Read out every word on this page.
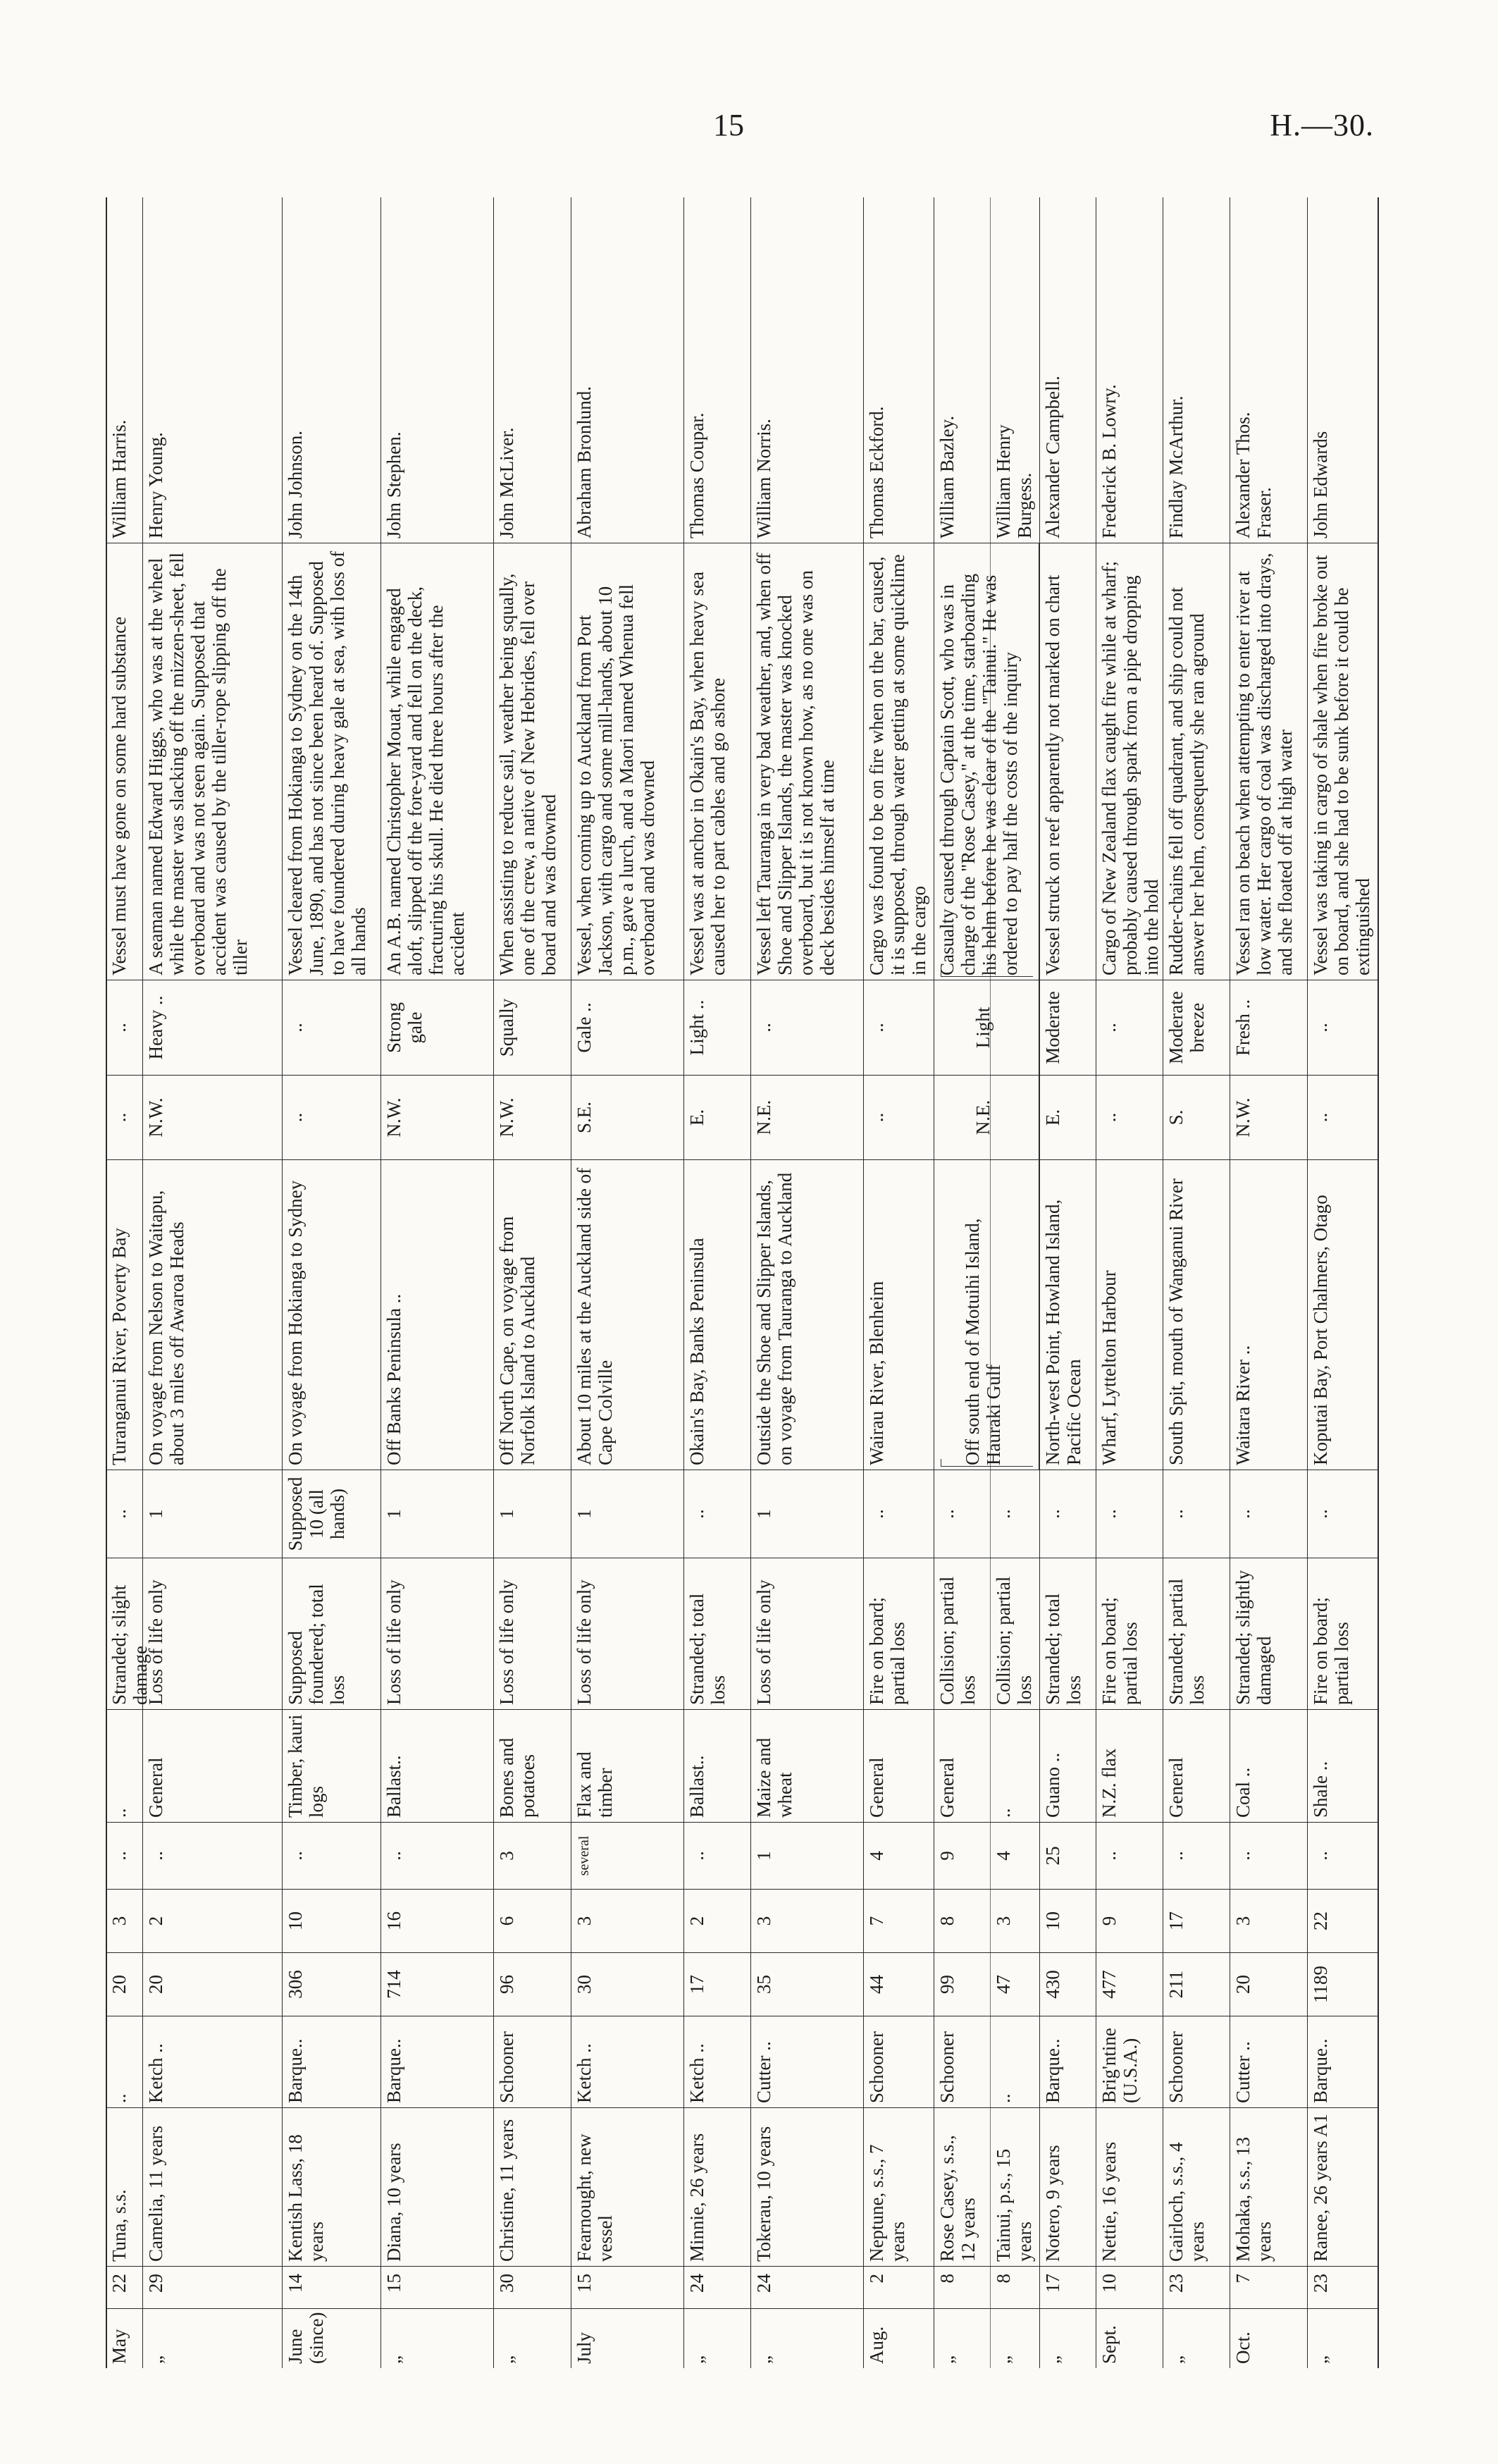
15	H.—30.
May
22
Tuna, s.s.
..
20
3
..
..
Stranded; slight damage
..
Turanganui River, Poverty Bay
..
..
Vessel must have gone on some hard substance
William Harris.
„
29
Camelia, 11 years
Ketch ..
20
2
..
General
Loss of life only
1
On voyage from Nelson to Waitapu, about 3 miles off Awaroa Heads
N.W.
Heavy ..
A seaman named Edward Higgs, who was at the wheel while the master was slacking off the mizzen-sheet, fell overboard and was not seen again. Supposed that accident was caused by the tiller-rope slipping off the tiller
Henry Young.
June
(since)
14
Kentish Lass, 18 years
Barque..
306
10
..
Timber, kauri logs
Supposed foundered; total loss
Supposed 10 (all hands)
On voyage from Hokianga to Sydney
..
..
Vessel cleared from Hokianga to Sydney on the 14th June, 1890, and has not since been heard of. Supposed to have foundered during heavy gale at sea, with loss of all hands
John Johnson.
„
15
Diana, 10 years
Barque..
714
16
..
Ballast..
Loss of life only
1
Off Banks Peninsula ..
N.W.
Strong gale
An A.B. named Christopher Mouat, while engaged aloft, slipped off the fore-yard and fell on the deck, fracturing his skull. He died three hours after the accident
John Stephen.
„
30
Christine, 11 years
Schooner
96
6
3
Bones and potatoes
Loss of life only
1
Off North Cape, on voyage from Norfolk Island to Auckland
N.W.
Squally
When assisting to reduce sail, weather being squally, one of the crew, a native of New Hebrides, fell over board and was drowned
John McLiver.
July
15
Fearnought, new vessel
Ketch ..
30
3
several
Flax and timber
Loss of life only
1
About 10 miles at the Auckland side of Cape Colville
S.E.
Gale ..
Vessel, when coming up to Auckland from Port Jackson, with cargo and some mill-hands, about 10 p.m., gave a lurch, and a Maori named Whenua fell overboard and was drowned
Abraham Bronlund.
„
24
Minnie, 26 years
Ketch ..
17
2
..
Ballast..
Stranded; total loss
..
Okain's Bay, Banks Peninsula
E.
Light ..
Vessel was at anchor in Okain's Bay, when heavy sea caused her to part cables and go ashore
Thomas Coupar.
„
24
Tokerau, 10 years
Cutter ..
35
3
1
Maize and wheat
Loss of life only
1
Outside the Shoe and Slipper Islands, on voyage from Tauranga to Auckland
N.E.
..
Vessel left Tauranga in very bad weather, and, when off Shoe and Slipper Islands, the master was knocked overboard, but it is not known how, as no one was on deck besides himself at time
William Norris.
Aug.
2
Neptune, s.s., 7 years
Schooner
44
7
4
General
Fire on board; partial loss
..
Wairau River, Blenheim
..
..
Cargo was found to be on fire when on the bar, caused, it is supposed, through water getting at some quicklime in the cargo
Thomas Eckford.
„
8
Rose Casey, s.s., 12 years
Schooner
99
8
9
General
Collision; partial loss
..
William Bazley.
„
8
Tainui, p.s., 15 years
..
47
3
4
..
Collision; partial loss
..
William Henry Burgess.
Off south end of Motuihi Island, Hauraki Gulf
N.E.
Light
Casualty caused through Captain Scott, who was in charge of the "Rose Casey," at the time, starboarding his helm before he was clear of the "Tainui." He was ordered to pay half the costs of the inquiry
„
17
Notero, 9 years
Barque..
430
10
25
Guano ..
Stranded; total loss
..
North-west Point, Howland Island, Pacific Ocean
E.
Moderate
Vessel struck on reef apparently not marked on chart
Alexander Campbell.
Sept.
10
Nettie, 16 years
Brig'ntine (U.S.A.)
477
9
..
N.Z. flax
Fire on board; partial loss
..
Wharf, Lyttelton Harbour
..
..
Cargo of New Zealand flax caught fire while at wharf; probably caused through spark from a pipe dropping into the hold
Frederick B. Lowry.
„
23
Gairloch, s.s., 4 years
Schooner
211
17
..
General
Stranded; partial loss
..
South Spit, mouth of Wanganui River
S.
Moderate breeze
Rudder-chains fell off quadrant, and ship could not answer her helm, consequently she ran aground
Findlay McArthur.
Oct.
7
Mohaka, s.s., 13 years
Cutter ..
20
3
..
Coal ..
Stranded; slightly damaged
..
Waitara River ..
N.W.
Fresh ..
Vessel ran on beach when attempting to enter river at low water. Her cargo of coal was discharged into drays, and she floated off at high water
Alexander Thos. Fraser.
„
23
Ranee, 26 years A1
Barque..
1189
22
..
Shale ..
Fire on board; partial loss
..
Koputai Bay, Port Chalmers, Otago
..
..
Vessel was taking in cargo of shale when fire broke out on board, and she had to be sunk before it could be extinguished
John Edwards
